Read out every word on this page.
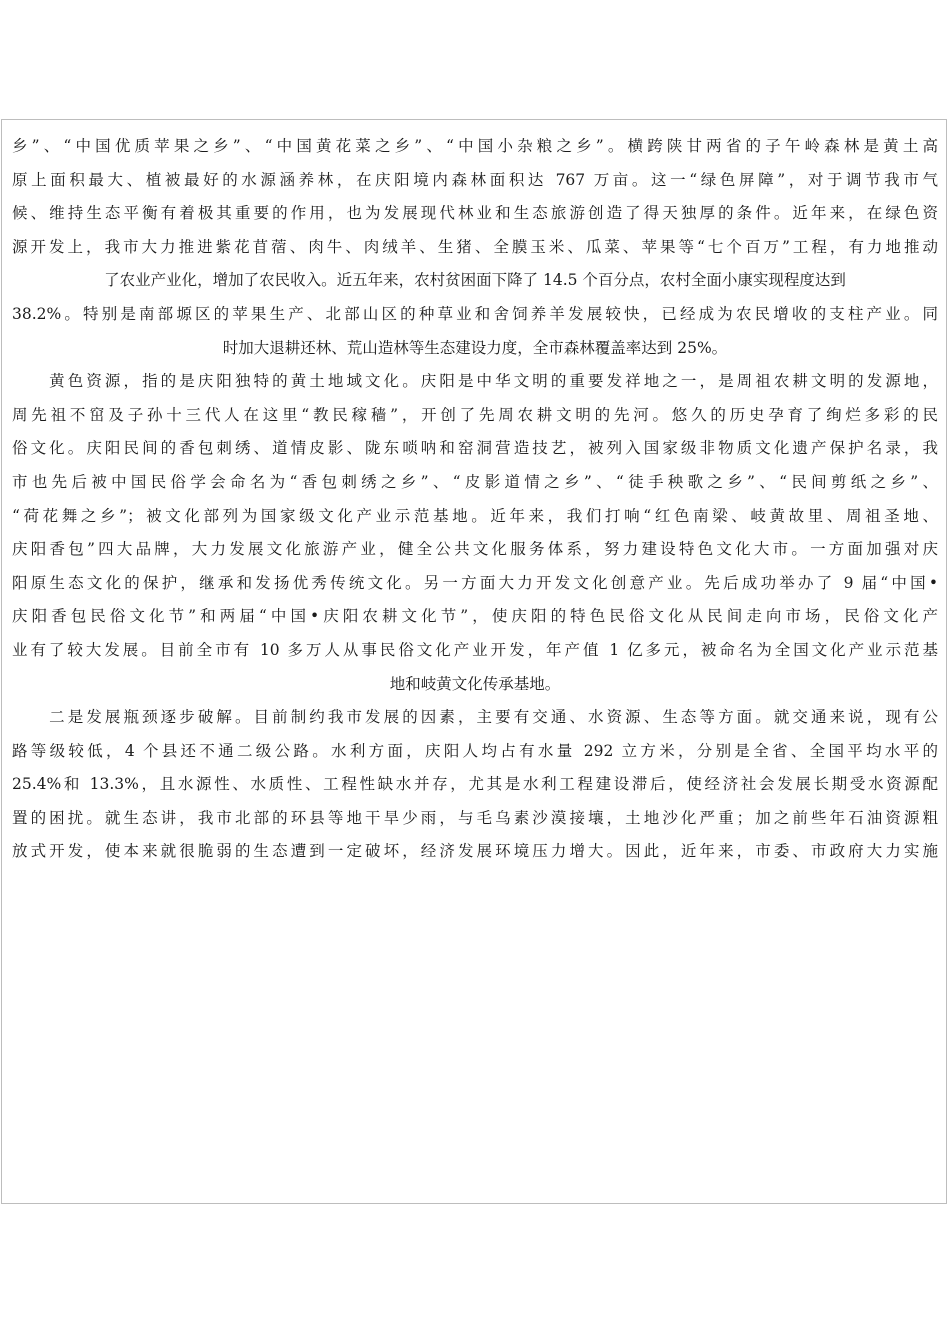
乡”、“中国优质苹果之乡”、“中国黄花菜之乡”、“中国小杂粮之乡”。横跨陕甘两省的子午岭森林是黄土高
原上面积最大、植被最好的水源涵养林，在庆阳境内森林面积达 767 万亩。这一“绿色屏障”，对于调节我市气
候、维持生态平衡有着极其重要的作用，也为发展现代林业和生态旅游创造了得天独厚的条件。近年来，在绿色资
源开发上，我市大力推进紫花苜蓿、肉牛、肉绒羊、生猪、全膜玉米、瓜菜、苹果等“七个百万”工程，有力地推动
了农业产业化，增加了农民收入。近五年来，农村贫困面下降了 14.5 个百分点，农村全面小康实现程度达到
38.2%。特别是南部塬区的苹果生产、北部山区的种草业和舍饲养羊发展较快，已经成为农民增收的支柱产业。同
时加大退耕还林、荒山造林等生态建设力度，全市森林覆盖率达到 25%。
　　黄色资源，指的是庆阳独特的黄土地域文化。庆阳是中华文明的重要发祥地之一，是周祖农耕文明的发源地，
周先祖不窋及子孙十三代人在这里“教民稼穑”，开创了先周农耕文明的先河。悠久的历史孕育了绚烂多彩的民
俗文化。庆阳民间的香包刺绣、道情皮影、陇东唢呐和窑洞营造技艺，被列入国家级非物质文化遗产保护名录，我
市也先后被中国民俗学会命名为“香包刺绣之乡”、“皮影道情之乡”、“徒手秧歌之乡”、“民间剪纸之乡”、
“荷花舞之乡”；被文化部列为国家级文化产业示范基地。近年来，我们打响“红色南梁、岐黄故里、周祖圣地、
庆阳香包”四大品牌，大力发展文化旅游产业，健全公共文化服务体系，努力建设特色文化大市。一方面加强对庆
阳原生态文化的保护，继承和发扬优秀传统文化。另一方面大力开发文化创意产业。先后成功举办了 9 届“中国•
庆阳香包民俗文化节”和两届“中国•庆阳农耕文化节”，使庆阳的特色民俗文化从民间走向市场，民俗文化产
业有了较大发展。目前全市有 10 多万人从事民俗文化产业开发，年产值 1 亿多元，被命名为全国文化产业示范基
地和岐黄文化传承基地。
　　二是发展瓶颈逐步破解。目前制约我市发展的因素，主要有交通、水资源、生态等方面。就交通来说，现有公
路等级较低，4 个县还不通二级公路。水利方面，庆阳人均占有水量 292 立方米，分别是全省、全国平均水平的
25.4%和 13.3%，且水源性、水质性、工程性缺水并存，尤其是水利工程建设滞后，使经济社会发展长期受水资源配
置的困扰。就生态讲，我市北部的环县等地干旱少雨，与毛乌素沙漠接壤，土地沙化严重；加之前些年石油资源粗
放式开发，使本来就很脆弱的生态遭到一定破坏，经济发展环境压力增大。因此，近年来，市委、市政府大力实施
